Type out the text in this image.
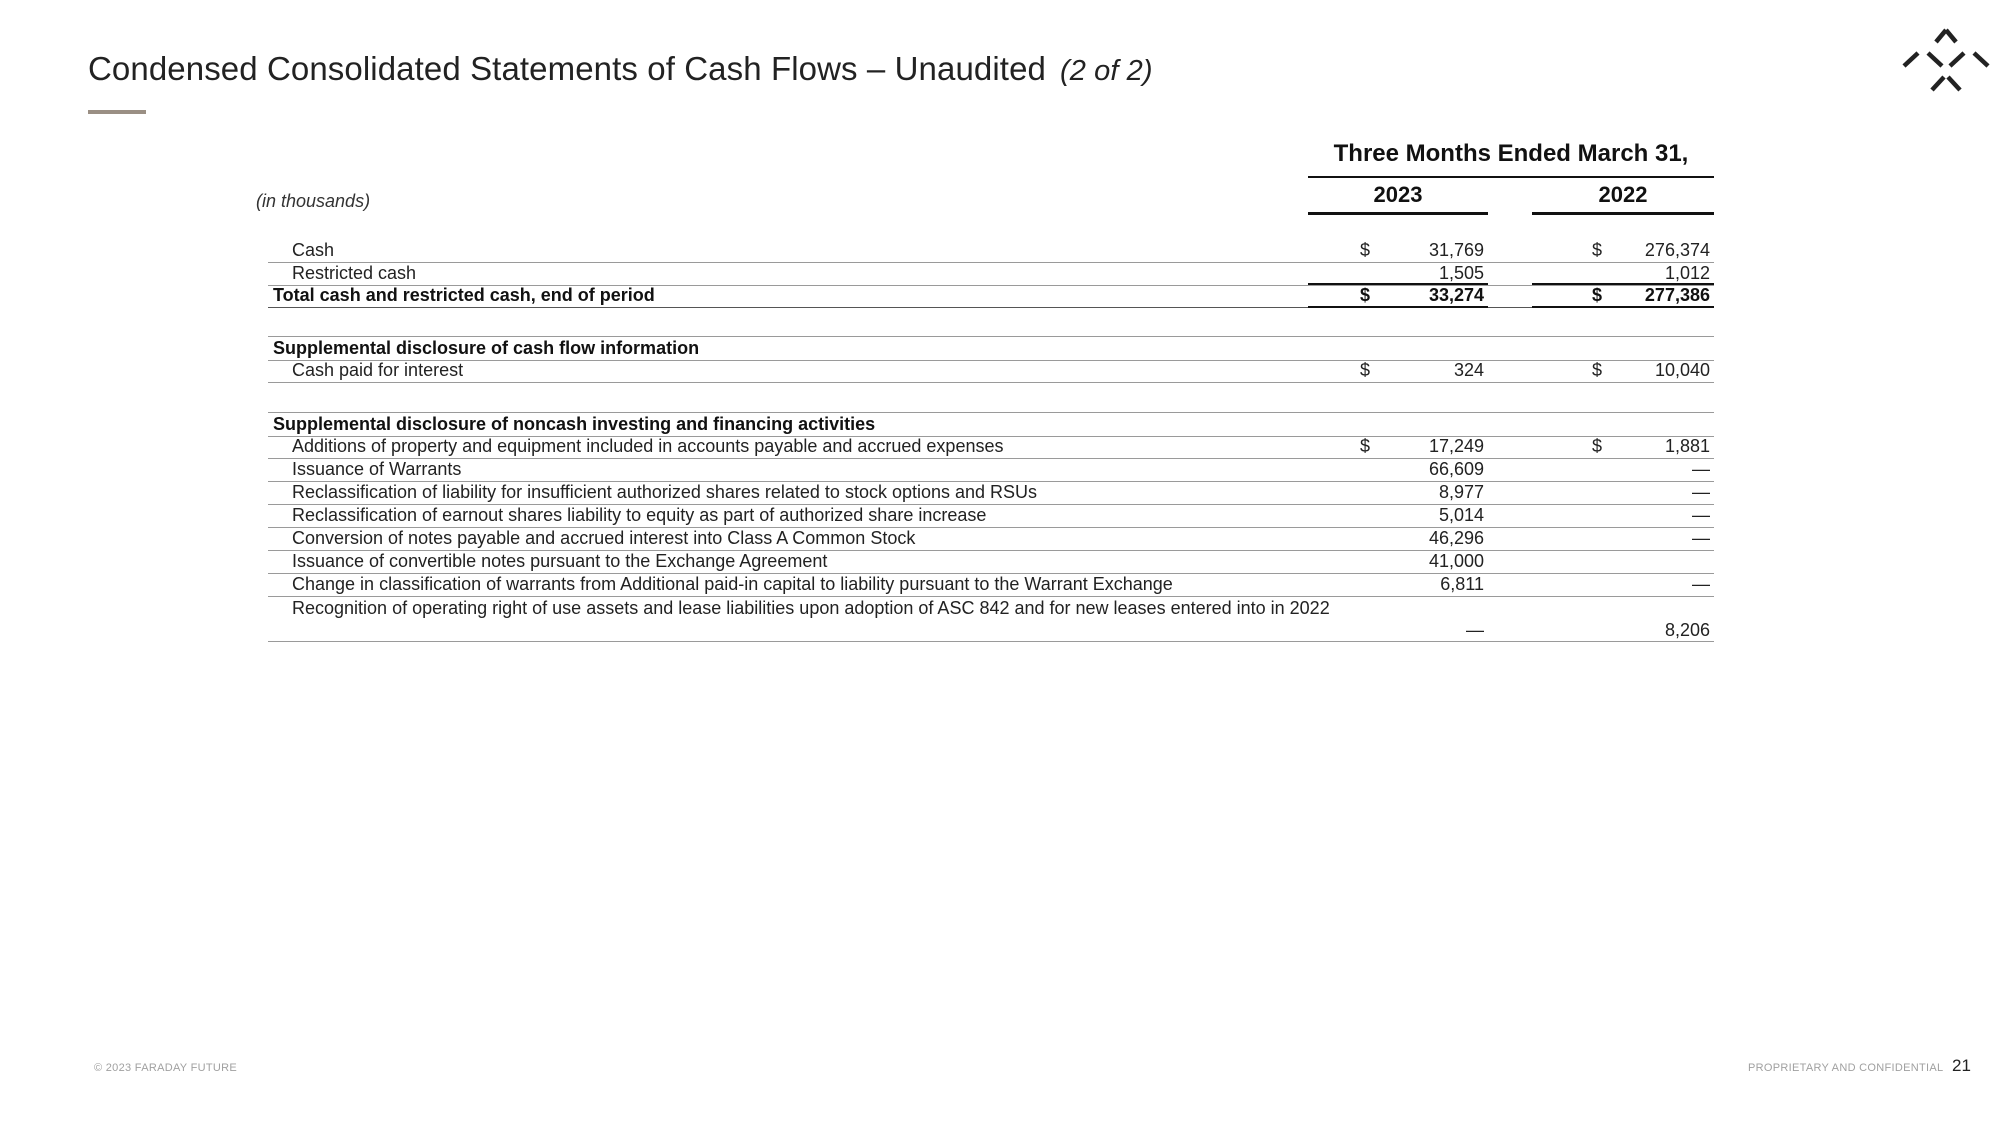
Condensed Consolidated Statements of Cash Flows – Unaudited (2 of 2)
Three Months Ended March 31,
2023	2022
(in thousands)
Cash	$	31,769	$ 276,374
Restricted cash	1,505	1,012
Total cash and restricted cash, end of period	$	33,274	$ 277,386
Supplemental disclosure of cash flow information
Cash paid for interest	$	324	$	10,040
Supplemental disclosure of noncash investing and financing activities
Additions of property and equipment included in accounts payable and accrued expenses	$	17,249	$	1,881
Issuance of Warrants	66,609	—
Reclassification of liability for insufficient authorized shares related to stock options and RSUs	8,977	—
Reclassification of earnout shares liability to equity as part of authorized share increase	5,014	—
Conversion of notes payable and accrued interest into Class A Common Stock	46,296	—
Issuance of convertible notes pursuant to the Exchange Agreement	41,000
Change in classification of warrants from Additional paid-in capital to liability pursuant to the Warrant Exchange	6,811	—
Recognition of operating right of use assets and lease liabilities upon adoption of ASC 842 and for new leases entered into in 2022
—	8,206
© 2023 FARADAY FUTURE	PROPRIETARY AND CONFIDENTIAL 21
